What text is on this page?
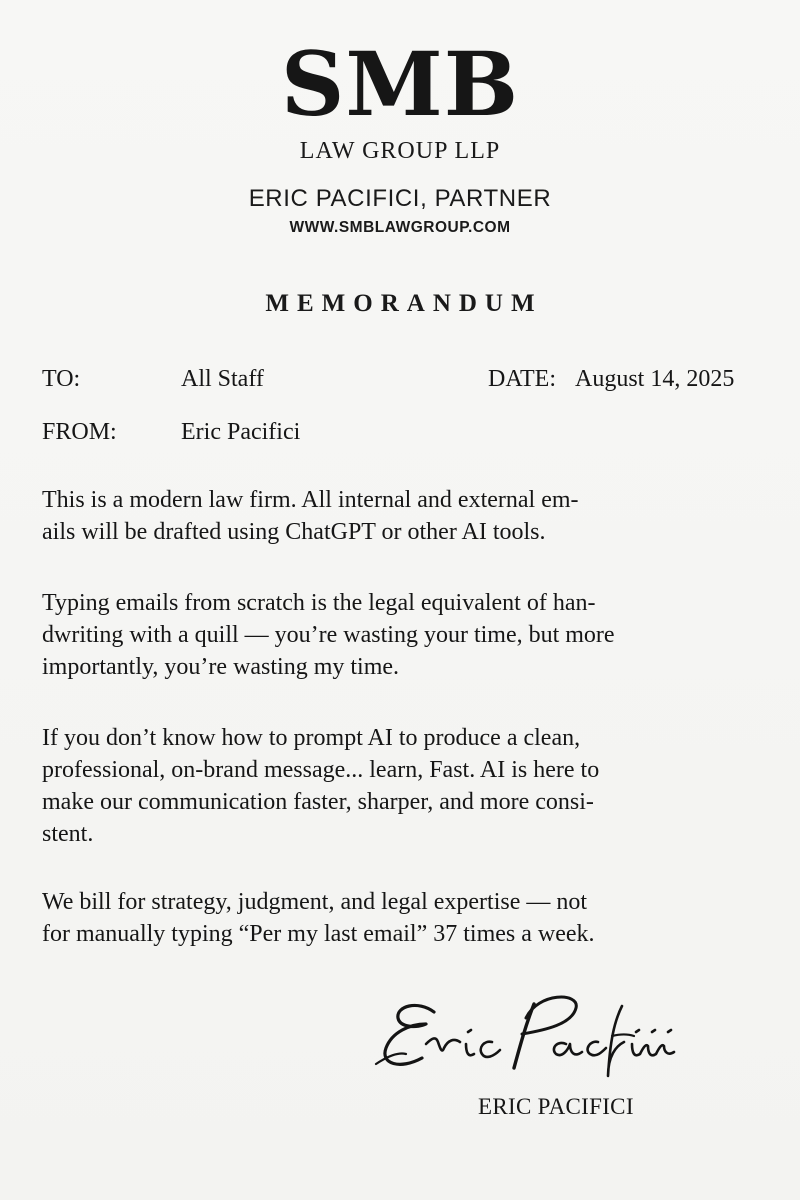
SMB
LAW GROUP LLP
ERIC PACIFICI, PARTNER
WWW.SMBLAWGROUP.COM
MEMORANDUM
TO:	All Staff	DATE: August 14, 2025
FROM:	Eric Pacifici
This is a modern law firm. All internal and external em-
ails will be drafted using ChatGPT or other AI tools.
Typing emails from scratch is the legal equivalent of han-
dwriting with a quill — you’re wasting your time, but more
importantly, you’re wasting my time.
If you don’t know how to prompt AI to produce a clean,
professional, on-brand message... learn, Fast. AI is here to
make our communication faster, sharper, and more consi-
stent.
We bill for strategy, judgment, and legal expertise — not
for manually typing “Per my last email” 37 times a week.
ERIC PACIFICI
